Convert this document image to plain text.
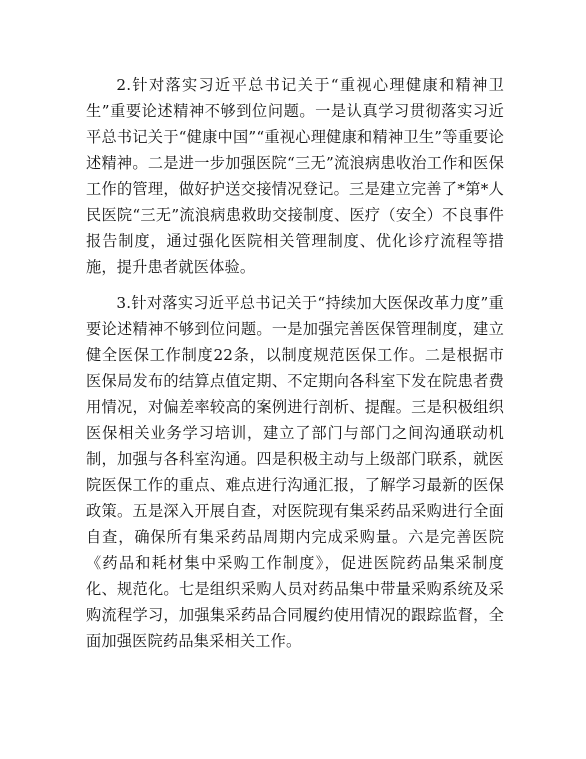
2.针对落实习近平总书记关于“重视心理健康和精神卫生”重要论述精神不够到位问题。一是认真学习贯彻落实习近平总书记关于“健康中国”“重视心理健康和精神卫生”等重要论述精神。二是进一步加强医院“三无”流浪病患收治工作和医保工作的管理，做好护送交接情况登记。三是建立完善了*第*人民医院“三无”流浪病患救助交接制度、医疗（安全）不良事件报告制度，通过强化医院相关管理制度、优化诊疗流程等措施，提升患者就医体验。

3.针对落实习近平总书记关于“持续加大医保改革力度”重要论述精神不够到位问题。一是加强完善医保管理制度，建立健全医保工作制度22条，以制度规范医保工作。二是根据市医保局发布的结算点值定期、不定期向各科室下发在院患者费用情况，对偏差率较高的案例进行剖析、提醒。三是积极组织医保相关业务学习培训，建立了部门与部门之间沟通联动机制，加强与各科室沟通。四是积极主动与上级部门联系，就医院医保工作的重点、难点进行沟通汇报，了解学习最新的医保政策。五是深入开展自查，对医院现有集采药品采购进行全面自查，确保所有集采药品周期内完成采购量。六是完善医院《药品和耗材集中采购工作制度》，促进医院药品集采制度化、规范化。七是组织采购人员对药品集中带量采购系统及采购流程学习，加强集采药品合同履约使用情况的跟踪监督，全面加强医院药品集采相关工作。
